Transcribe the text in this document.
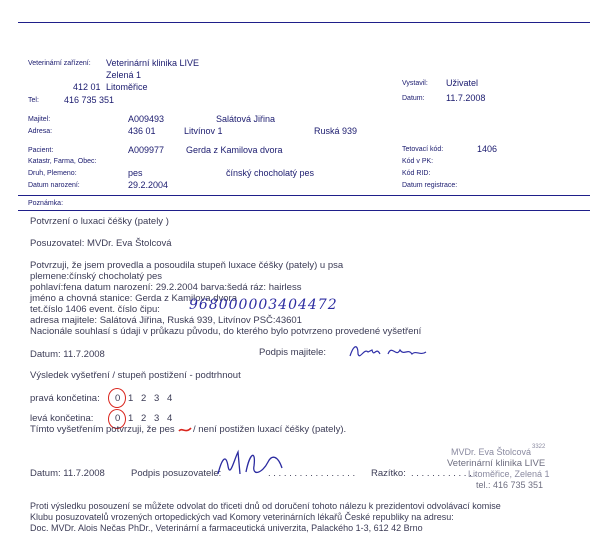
Veterinární zařízení: Veterinární klinika LIVE
Zelená 1
412 01 Litoměřice
Tel:	416 735 351
Vystavil: Uživatel
Datum: 11.7.2008
Majitel:	A009493	Salátová Jiřina
Adresa:	436 01	Litvínov 1	Ruská 939
Pacient:	A009977 Gerda z Kamilova dvora
Katastr, Farma, Obec:
Druh, Plemeno:	pes	čínský chocholatý pes
Datum narození:	29.2.2004
Tetovací kód:	1406
Kód v PK:
Kód RID:
Datum registrace:
Poznámka:
Potvrzení o luxaci čéšky (pately )
Posuzovatel: MVDr. Eva Štolcová
Potvrzuji, že jsem provedla a posoudila stupeň luxace čéšky (pately) u psa
plemene:čínský chocholatý pes
pohlaví:fena datum narození: 29.2.2004 barva:šedá ráz: hairless
jméno a chovná stanice: Gerda z Kamilova dvora
tet.číslo 1406 event. číslo čipu: 968000003404472
adresa majitele: Salátová Jiřina, Ruská 939, Litvínov PSČ:43601
Nacionále souhlasí s údaji v průkazu původu, do kterého bylo potvrzeno provedené vyšetření
Datum: 11.7.2008	Podpis majitele:
Výsledek vyšetření / stupeň postižení - podtrhnout
pravá končetina: 0 1 2 3 4
levá končetina: 0 1 2 3 4
Tímto vyšetřením potvrzuji, že pes / není postižen luxací čéšky (pately).
Datum: 11.7.2008	Podpis posuzovatele:	. . . . . . . . . . . . . . . . . Razítko: . . . . . . . . . . . . .
MVDr. Eva Štolcová 3322
Veterinární klinika LIVE
Litoměřice, Zelená 1
tel.: 416 735 351
Proti výsledku posouzení se můžete odvolat do třiceti dnů od doručení tohoto nálezu k prezidentovi odvolávací komise
Klubu posuzovatelů vrozených ortopedických vad Komory veterinárních lékařů České republiky na adresu:
Doc. MVDr. Alois Nečas PhDr., Veterinární a farmaceutická univerzita, Palackého 1-3, 612 42 Brno
